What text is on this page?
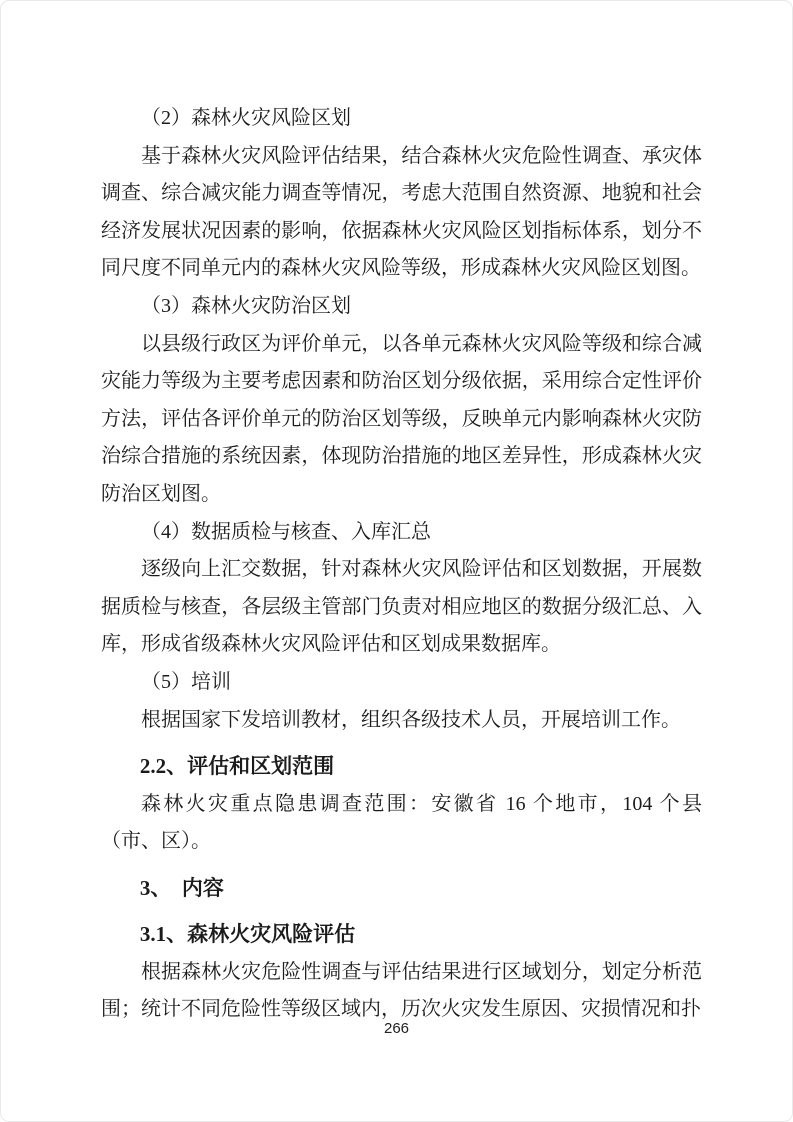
（2）森林火灾风险区划

基于森林火灾风险评估结果，结合森林火灾危险性调查、承灾体调查、综合减灾能力调查等情况，考虑大范围自然资源、地貌和社会经济发展状况因素的影响，依据森林火灾风险区划指标体系，划分不同尺度不同单元内的森林火灾风险等级，形成森林火灾风险区划图。

（3）森林火灾防治区划

以县级行政区为评价单元，以各单元森林火灾风险等级和综合减灾能力等级为主要考虑因素和防治区划分级依据，采用综合定性评价方法，评估各评价单元的防治区划等级，反映单元内影响森林火灾防治综合措施的系统因素，体现防治措施的地区差异性，形成森林火灾防治区划图。

（4）数据质检与核查、入库汇总

逐级向上汇交数据，针对森林火灾风险评估和区划数据，开展数据质检与核查，各层级主管部门负责对相应地区的数据分级汇总、入库，形成省级森林火灾风险评估和区划成果数据库。

（5）培训

根据国家下发培训教材，组织各级技术人员，开展培训工作。

2.2、评估和区划范围

森林火灾重点隐患调查范围：安徽省 16 个地市，104 个县（市、区）。

3、　内容

3.1、森林火灾风险评估

根据森林火灾危险性调查与评估结果进行区域划分，划定分析范围；统计不同危险性等级区域内，历次火灾发生原因、灾损情况和扑

266
